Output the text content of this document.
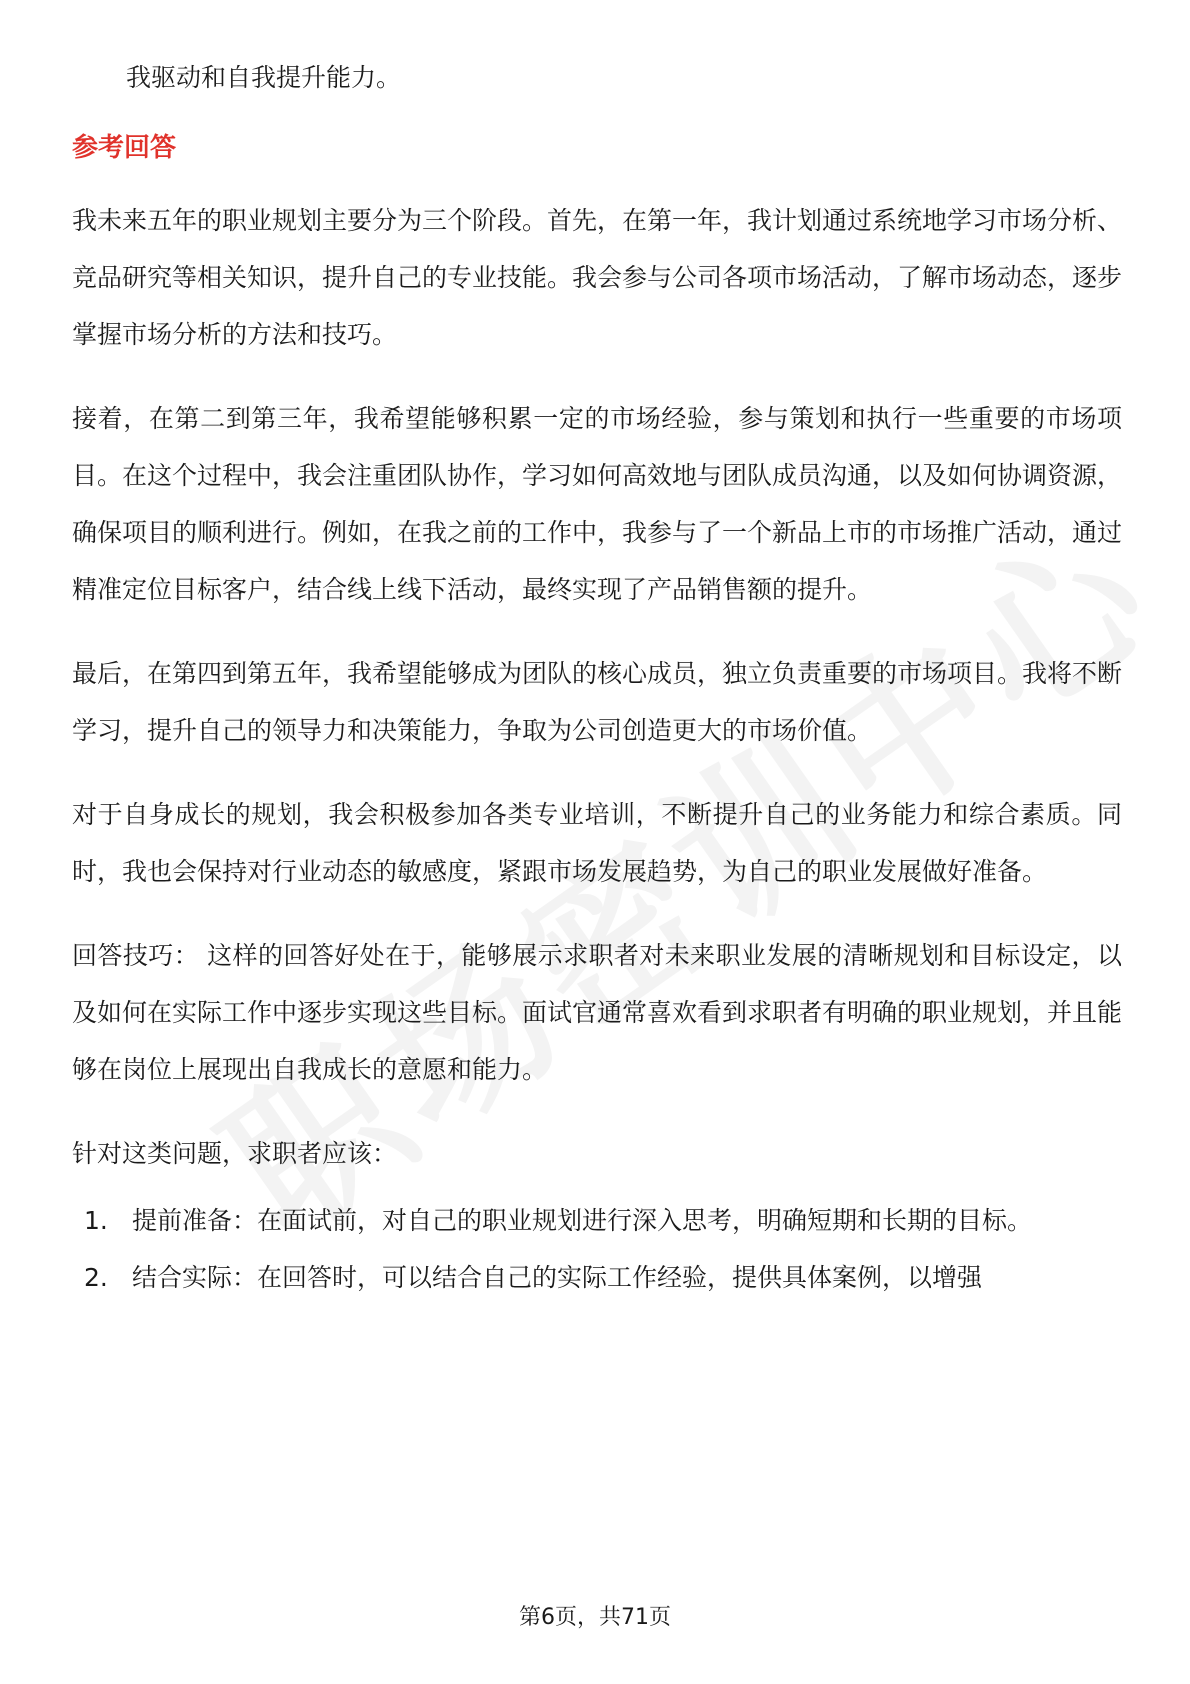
我驱动和自我提升能力。

参考回答

我未来五年的职业规划主要分为三个阶段。首先，在第一年，我计划通过系统地学习市场分析、竞品研究等相关知识，提升自己的专业技能。我会参与公司各项市场活动，了解市场动态，逐步掌握市场分析的方法和技巧。

接着，在第二到第三年，我希望能够积累一定的市场经验，参与策划和执行一些重要的市场项目。在这个过程中，我会注重团队协作，学习如何高效地与团队成员沟通，以及如何协调资源，确保项目的顺利进行。例如，在我之前的工作中，我参与了一个新品上市的市场推广活动，通过精准定位目标客户，结合线上线下活动，最终实现了产品销售额的提升。

最后，在第四到第五年，我希望能够成为团队的核心成员，独立负责重要的市场项目。我将不断学习，提升自己的领导力和决策能力，争取为公司创造更大的市场价值。

对于自身成长的规划，我会积极参加各类专业培训，不断提升自己的业务能力和综合素质。同时，我也会保持对行业动态的敏感度，紧跟市场发展趋势，为自己的职业发展做好准备。

回答技巧： 这样的回答好处在于，能够展示求职者对未来职业发展的清晰规划和目标设定，以及如何在实际工作中逐步实现这些目标。面试官通常喜欢看到求职者有明确的职业规划，并且能够在岗位上展现出自我成长的意愿和能力。

针对这类问题，求职者应该：

1. 提前准备：在面试前，对自己的职业规划进行深入思考，明确短期和长期的目标。
2. 结合实际：在回答时，可以结合自己的实际工作经验，提供具体案例，以增强
第6页，共71页
